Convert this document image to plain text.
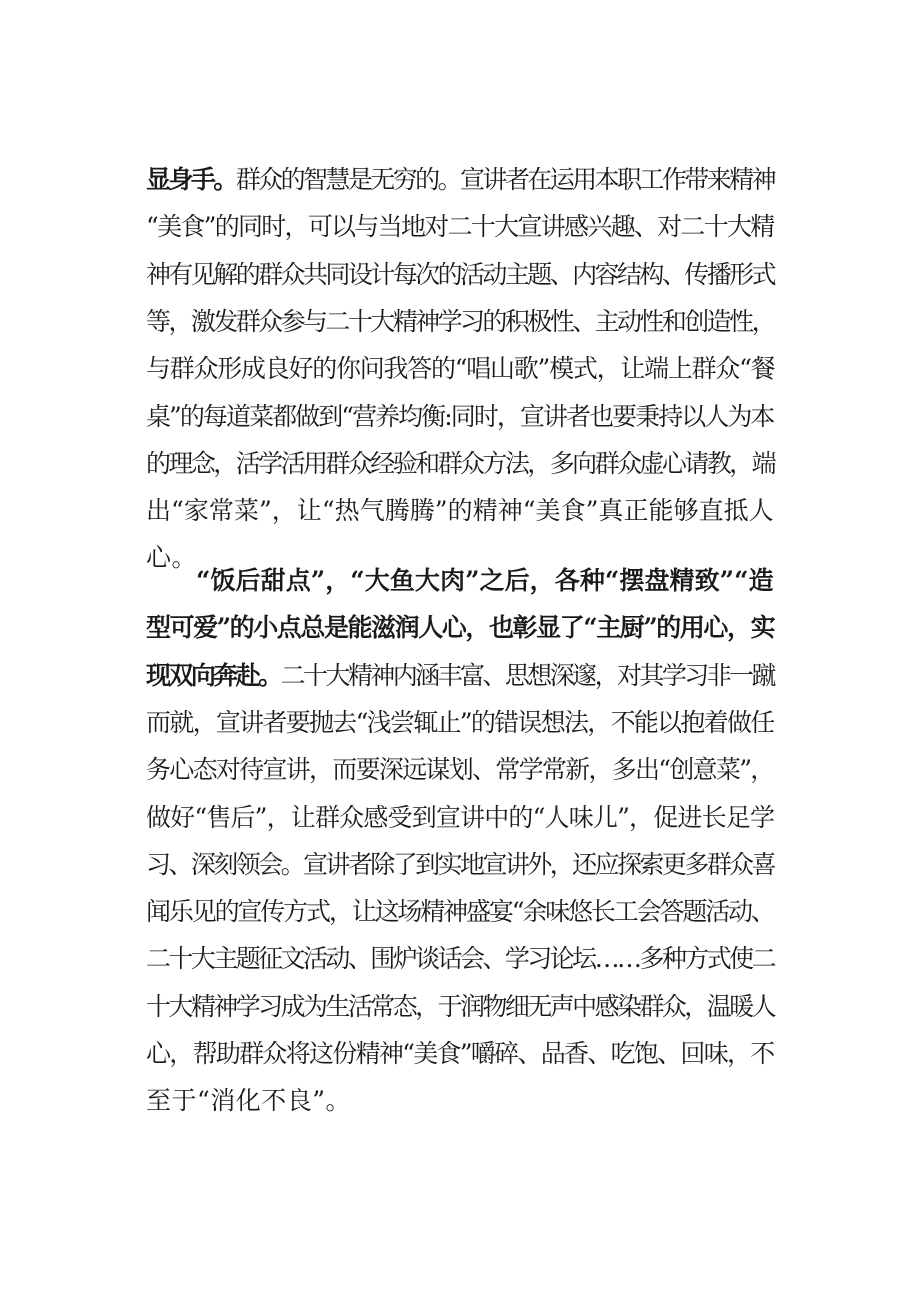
显身手。群众的智慧是无穷的。宣讲者在运用本职工作带来精神
“美食”的同时，可以与当地对二十大宣讲感兴趣、对二十大精
神有见解的群众共同设计每次的活动主题、内容结构、传播形式
等，激发群众参与二十大精神学习的积极性、主动性和创造性，
与群众形成良好的你问我答的“唱山歌”模式，让端上群众“餐
桌”的每道菜都做到“营养均衡:同时，宣讲者也要秉持以人为本
的理念，活学活用群众经验和群众方法，多向群众虚心请教，端
出“家常菜”，让“热气腾腾”的精神“美食”真正能够直抵人
心。
“饭后甜点”，“大鱼大肉”之后，各种“摆盘精致”“造
型可爱”的小点总是能滋润人心，也彰显了“主厨”的用心，实
现双向奔赴。二十大精神内涵丰富、思想深邃，对其学习非一蹴
而就，宣讲者要抛去“浅尝辄止”的错误想法，不能以抱着做任
务心态对待宣讲，而要深远谋划、常学常新，多出“创意菜”，
做好“售后”，让群众感受到宣讲中的“人味儿”，促进长足学
习、深刻领会。宣讲者除了到实地宣讲外，还应探索更多群众喜
闻乐见的宣传方式，让这场精神盛宴“余味悠长工会答题活动、
二十大主题征文活动、围炉谈话会、学习论坛……多种方式使二
十大精神学习成为生活常态，于润物细无声中感染群众，温暖人
心，帮助群众将这份精神“美食”嚼碎、品香、吃饱、回味，不
至于“消化不良”。
